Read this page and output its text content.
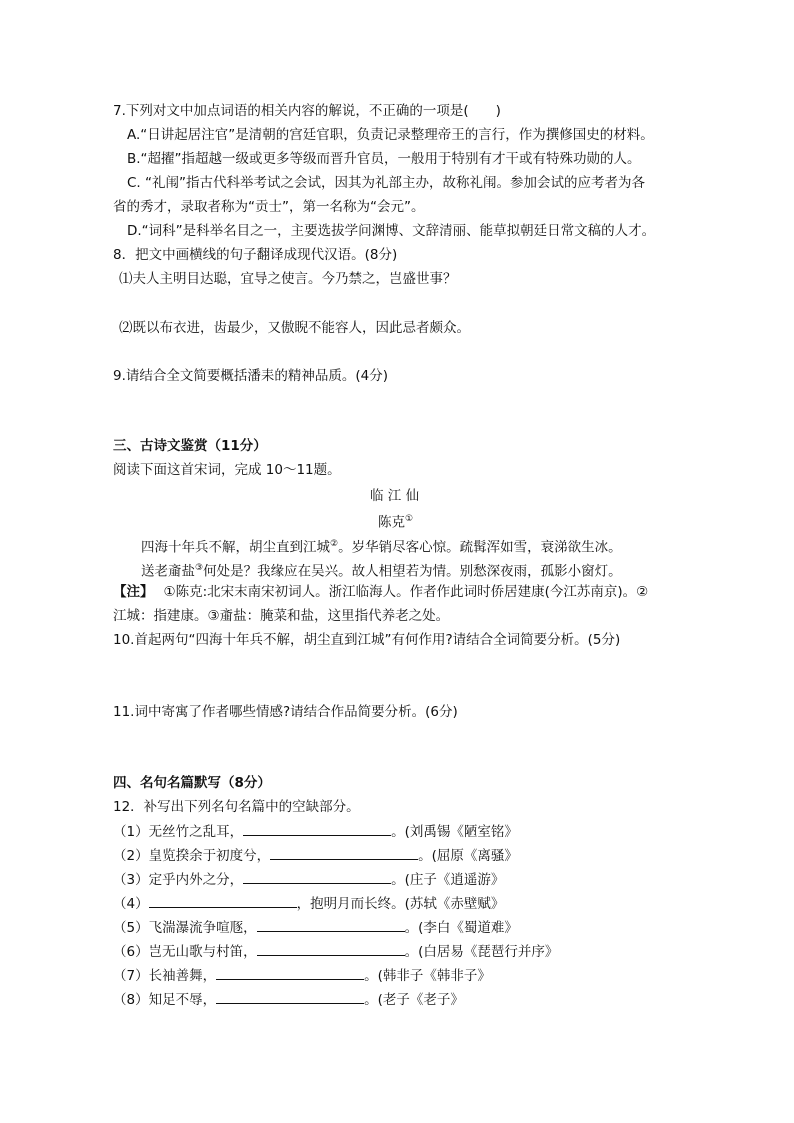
7.下列对文中加点词语的相关内容的解说，不正确的一项是(　　)
A.“日讲起居注官”是清朝的宫廷官职，负责记录整理帝王的言行，作为撰修国史的材料。
B.“超擢”指超越一级或更多等级而晋升官员，一般用于特别有才干或有特殊功勋的人。
C. “礼闱”指古代科举考试之会试，因其为礼部主办，故称礼闱。参加会试的应考者为各
省的秀才，录取者称为“贡士”，第一名称为“会元”。
D.“词科”是科举名目之一，主要选拔学问渊博、文辞清丽、能草拟朝廷日常文稿的人才。
8．把文中画横线的句子翻译成现代汉语。(8分)
⑴夫人主明目达聪，宜导之使言。今乃禁之，岂盛世事？
⑵既以布衣进，齿最少，又傲睨不能容人，因此忌者颇众。
9.请结合全文简要概括潘耒的精神品质。(4分)
三、古诗文鉴赏（11分）
阅读下面这首宋词，完成 10～11题。
临 江 仙
陈克①
四海十年兵不解，胡尘直到江城②。岁华销尽客心惊。疏髯浑如雪，衰涕欲生冰。
送老齑盐③何处是？我缘应在吴兴。故人相望若为情。别愁深夜雨，孤影小窗灯。
【注】 ①陈克:北宋末南宋初词人。浙江临海人。作者作此词时侨居建康(今江苏南京)。②
江城：指建康。③齑盐：腌菜和盐，这里指代养老之处。
10.首起两句“四海十年兵不解，胡尘直到江城”有何作用?请结合全词简要分析。(5分)
11.词中寄寓了作者哪些情感?请结合作品简要分析。(6分)
四、名句名篇默写（8分）
12．补写出下列名句名篇中的空缺部分。
（1）无丝竹之乱耳，	。(刘禹锡《陋室铭》
（2）皇览揆余于初度兮，	。(屈原《离骚》
（3）定乎内外之分，	。(庄子《逍遥游》
（4）	，抱明月而长终。(苏轼《赤壁赋》
（5）飞湍瀑流争喧豗，	。(李白《蜀道难》
（6）岂无山歌与村笛，	。(白居易《琵琶行并序》
（7）长袖善舞，	。(韩非子《韩非子》
（8）知足不辱，	。(老子《老子》
